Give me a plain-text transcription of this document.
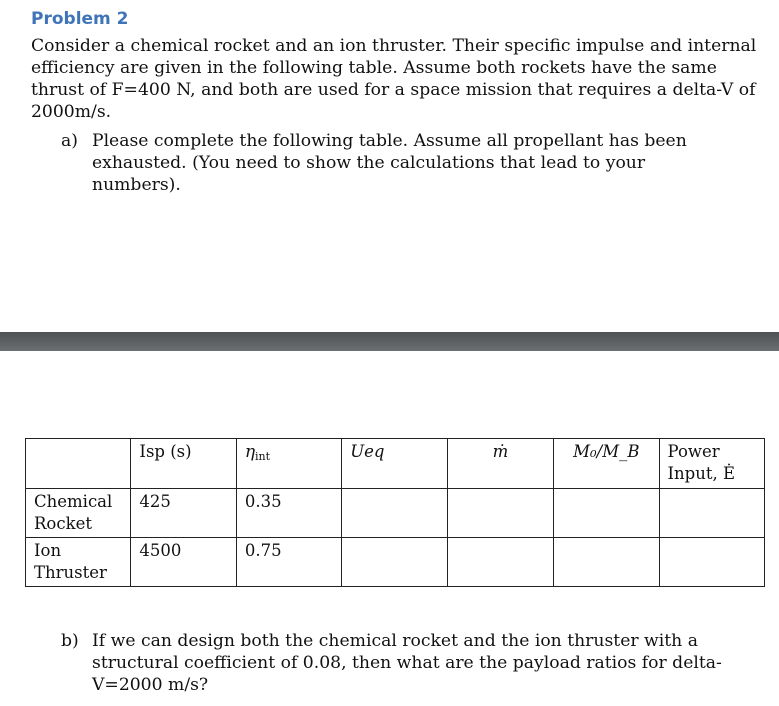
Problem 2

Consider a chemical rocket and an ion thruster. Their specific impulse and internal efficiency are given in the following table. Assume both rockets have the same thrust of F=400 N, and both are used for a space mission that requires a delta-V of 2000m/s.

a) Please complete the following table. Assume all propellant has been exhausted. (You need to show the calculations that lead to your numbers).
	Isp (s)	$\eta_{int}$	Ueq	ṁ	M₀/M_B	Power Input, Ė
Chemical Rocket	425	0.35				
Ion Thruster	4500	0.75				
b) If we can design both the chemical rocket and the ion thruster with a structural coefficient of 0.08, then what are the payload ratios for delta-V=2000 m/s?
